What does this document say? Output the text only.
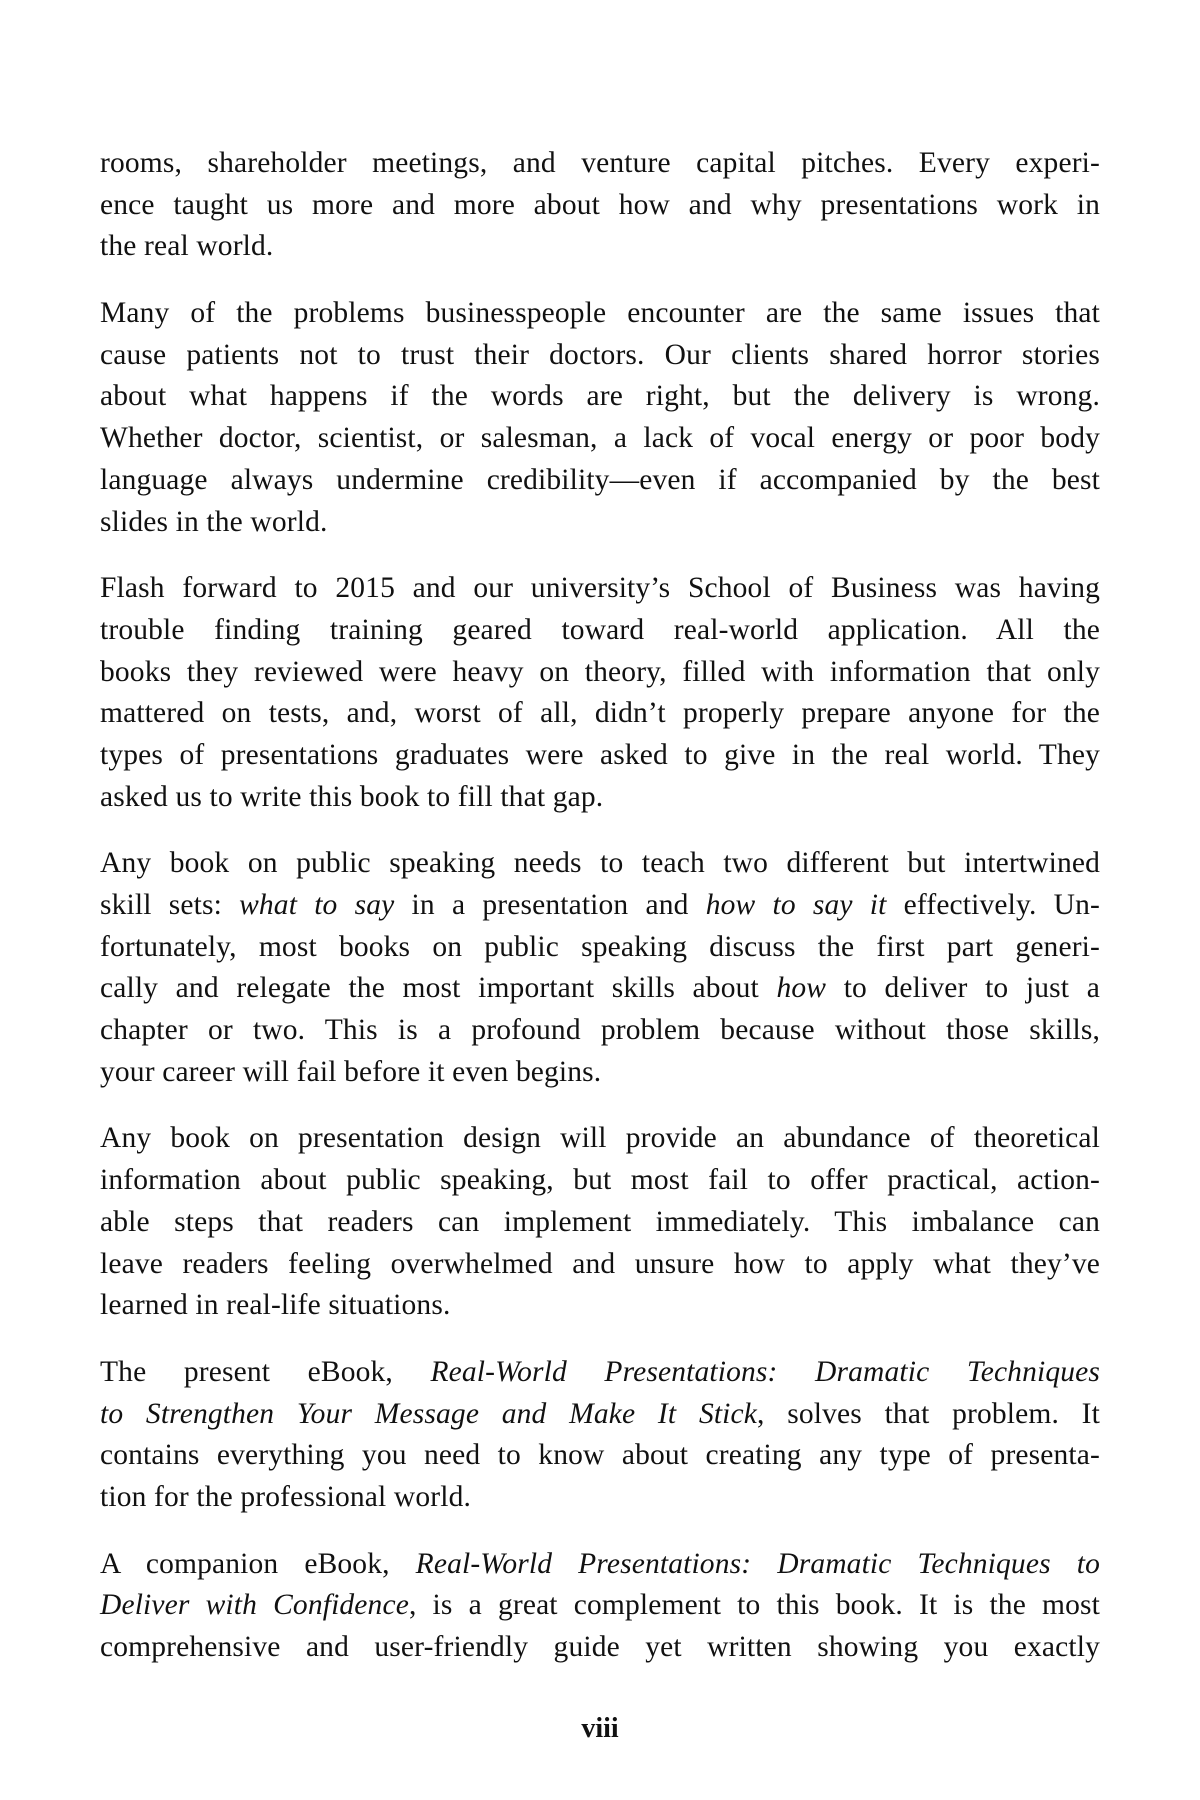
rooms, shareholder meetings, and venture capital pitches. Every experi-
ence taught us more and more about how and why presentations work in
the real world.

Many of the problems businesspeople encounter are the same issues that
cause patients not to trust their doctors. Our clients shared horror stories
about what happens if the words are right, but the delivery is wrong.
Whether doctor, scientist, or salesman, a lack of vocal energy or poor body
language always undermine credibility—even if accompanied by the best
slides in the world.

Flash forward to 2015 and our university’s School of Business was having
trouble finding training geared toward real-world application. All the
books they reviewed were heavy on theory, filled with information that only
mattered on tests, and, worst of all, didn’t properly prepare anyone for the
types of presentations graduates were asked to give in the real world. They
asked us to write this book to fill that gap.

Any book on public speaking needs to teach two different but intertwined
skill sets: what to say in a presentation and how to say it effectively. Un-
fortunately, most books on public speaking discuss the first part generi-
cally and relegate the most important skills about how to deliver to just a
chapter or two. This is a profound problem because without those skills,
your career will fail before it even begins.

Any book on presentation design will provide an abundance of theoretical
information about public speaking, but most fail to offer practical, action-
able steps that readers can implement immediately. This imbalance can
leave readers feeling overwhelmed and unsure how to apply what they’ve
learned in real-life situations.

The present eBook, Real-World Presentations: Dramatic Techniques
to Strengthen Your Message and Make It Stick, solves that problem. It
contains everything you need to know about creating any type of presenta-
tion for the professional world.

A companion eBook, Real-World Presentations: Dramatic Techniques to
Deliver with Confidence, is a great complement to this book. It is the most
comprehensive and user-friendly guide yet written showing you exactly

viii
